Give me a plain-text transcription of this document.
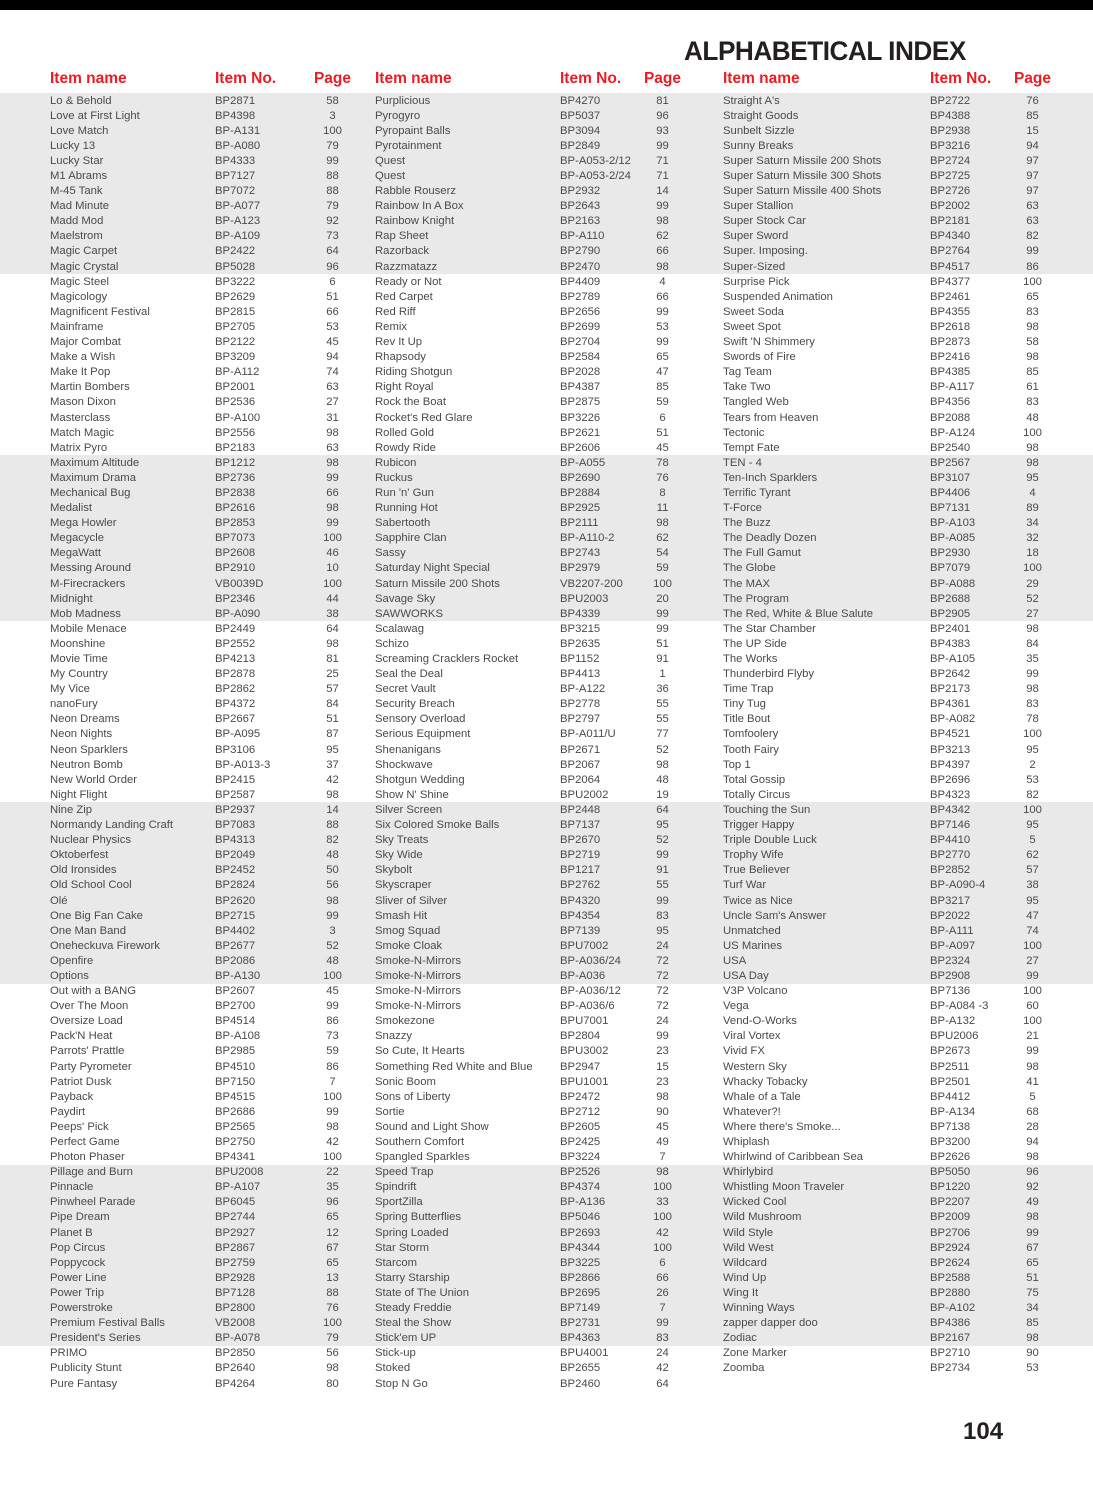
ALPHABETICAL INDEX
Item name	Item No.	Page Item name	Item No.	Page	Item name	Item No.	Page
Lo & Behold	BP2871	58	Purplicious	BP4270	81	Straight A's	BP2722	76
Love at First Light	BP4398	3	Pyrogyro	BP5037	96	Straight Goods	BP4388	85
Love Match	BP-A131	100	Pyropaint Balls	BP3094	93	Sunbelt Sizzle	BP2938	15
Lucky 13	BP-A080	79	Pyrotainment	BP2849	99	Sunny Breaks	BP3216	94
Lucky Star	BP4333	99	Quest	BP-A053-2/12	71	Super Saturn Missile 200 Shots	BP2724	97
M1 Abrams	BP7127	88	Quest	BP-A053-2/24	71	Super Saturn Missile 300 Shots	BP2725	97
M-45 Tank	BP7072	88	Rabble Rouserz	BP2932	14	Super Saturn Missile 400 Shots	BP2726	97
Mad Minute	BP-A077	79	Rainbow In A Box	BP2643	99	Super Stallion	BP2002	63
Madd Mod	BP-A123	92	Rainbow Knight	BP2163	98	Super Stock Car	BP2181	63
Maelstrom	BP-A109	73	Rap Sheet	BP-A110	62	Super Sword	BP4340	82
Magic Carpet	BP2422	64	Razorback	BP2790	66	Super. Imposing.	BP2764	99
Magic Crystal	BP5028	96	Razzmatazz	BP2470	98	Super-Sized	BP4517	86
Magic Steel	BP3222	6	Ready or Not	BP4409	4	Surprise Pick	BP4377	100
Magicology	BP2629	51	Red Carpet	BP2789	66	Suspended Animation	BP2461	65
Magnificent Festival	BP2815	66	Red Riff	BP2656	99	Sweet Soda	BP4355	83
Mainframe	BP2705	53	Remix	BP2699	53	Sweet Spot	BP2618	98
Major Combat	BP2122	45	Rev It Up	BP2704	99	Swift 'N Shimmery	BP2873	58
Make a Wish	BP3209	94	Rhapsody	BP2584	65	Swords of Fire	BP2416	98
Make It Pop	BP-A112	74	Riding Shotgun	BP2028	47	Tag Team	BP4385	85
Martin Bombers	BP2001	63	Right Royal	BP4387	85	Take Two	BP-A117	61
Mason Dixon	BP2536	27	Rock the Boat	BP2875	59	Tangled Web	BP4356	83
Masterclass	BP-A100	31	Rocket's Red Glare	BP3226	6	Tears from Heaven	BP2088	48
Match Magic	BP2556	98	Rolled Gold	BP2621	51	Tectonic	BP-A124	100
Matrix Pyro	BP2183	63	Rowdy Ride	BP2606	45	Tempt Fate	BP2540	98
Maximum Altitude	BP1212	98	Rubicon	BP-A055	78	TEN - 4	BP2567	98
Maximum Drama	BP2736	99	Ruckus	BP2690	76	Ten-Inch Sparklers	BP3107	95
Mechanical Bug	BP2838	66	Run 'n' Gun	BP2884	8	Terrific Tyrant	BP4406	4
Medalist	BP2616	98	Running Hot	BP2925	11	T-Force	BP7131	89
Mega Howler	BP2853	99	Sabertooth	BP2111	98	The Buzz	BP-A103	34
Megacycle	BP7073	100	Sapphire Clan	BP-A110-2	62	The Deadly Dozen	BP-A085	32
MegaWatt	BP2608	46	Sassy	BP2743	54	The Full Gamut	BP2930	18
Messing Around	BP2910	10	Saturday Night Special	BP2979	59	The Globe	BP7079	100
M-Firecrackers	VB0039D	100	Saturn Missile 200 Shots	VB2207-200	100	The MAX	BP-A088	29
Midnight	BP2346	44	Savage Sky	BPU2003	20	The Program	BP2688	52
Mob Madness	BP-A090	38	SAWWORKS	BP4339	99	The Red, White & Blue Salute	BP2905	27
Mobile Menace	BP2449	64	Scalawag	BP3215	99	The Star Chamber	BP2401	98
Moonshine	BP2552	98	Schizo	BP2635	51	The UP Side	BP4383	84
Movie Time	BP4213	81	Screaming Cracklers Rocket	BP1152	91	The Works	BP-A105	35
My Country	BP2878	25	Seal the Deal	BP4413	1	Thunderbird Flyby	BP2642	99
My Vice	BP2862	57	Secret Vault	BP-A122	36	Time Trap	BP2173	98
nanoFury	BP4372	84	Security Breach	BP2778	55	Tiny Tug	BP4361	83
Neon Dreams	BP2667	51	Sensory Overload	BP2797	55	Title Bout	BP-A082	78
Neon Nights	BP-A095	87	Serious Equipment	BP-A011/U	77	Tomfoolery	BP4521	100
Neon Sparklers	BP3106	95	Shenanigans	BP2671	52	Tooth Fairy	BP3213	95
Neutron Bomb	BP-A013-3	37	Shockwave	BP2067	98	Top 1	BP4397	2
New World Order	BP2415	42	Shotgun Wedding	BP2064	48	Total Gossip	BP2696	53
Night Flight	BP2587	98	Show N' Shine	BPU2002	19	Totally Circus	BP4323	82
Nine Zip	BP2937	14	Silver Screen	BP2448	64	Touching the Sun	BP4342	100
Normandy Landing Craft	BP7083	88	Six Colored Smoke Balls	BP7137	95	Trigger Happy	BP7146	95
Nuclear Physics	BP4313	82	Sky Treats	BP2670	52	Triple Double Luck	BP4410	5
Oktoberfest	BP2049	48	Sky Wide	BP2719	99	Trophy Wife	BP2770	62
Old Ironsides	BP2452	50	Skybolt	BP1217	91	True Believer	BP2852	57
Old School Cool	BP2824	56	Skyscraper	BP2762	55	Turf War	BP-A090-4	38
Olé	BP2620	98	Sliver of Silver	BP4320	99	Twice as Nice	BP3217	95
One Big Fan Cake	BP2715	99	Smash Hit	BP4354	83	Uncle Sam's Answer	BP2022	47
One Man Band	BP4402	3	Smog Squad	BP7139	95	Unmatched	BP-A111	74
Oneheckuva Firework	BP2677	52	Smoke Cloak	BPU7002	24	US Marines	BP-A097	100
Openfire	BP2086	48	Smoke-N-Mirrors	BP-A036/24	72	USA	BP2324	27
Options	BP-A130	100	Smoke-N-Mirrors	BP-A036	72	USA Day	BP2908	99
Out with a BANG	BP2607	45	Smoke-N-Mirrors	BP-A036/12	72	V3P Volcano	BP7136	100
Over The Moon	BP2700	99	Smoke-N-Mirrors	BP-A036/6	72	Vega	BP-A084 -3	60
Oversize Load	BP4514	86	Smokezone	BPU7001	24	Vend-O-Works	BP-A132	100
Pack'N Heat	BP-A108	73	Snazzy	BP2804	99	Viral Vortex	BPU2006	21
Parrots' Prattle	BP2985	59	So Cute, It Hearts	BPU3002	23	Vivid FX	BP2673	99
Party Pyrometer	BP4510	86	Something Red White and Blue	BP2947	15	Western Sky	BP2511	98
Patriot Dusk	BP7150	7	Sonic Boom	BPU1001	23	Whacky Tobacky	BP2501	41
Payback	BP4515	100	Sons of Liberty	BP2472	98	Whale of a Tale	BP4412	5
Paydirt	BP2686	99	Sortie	BP2712	90	Whatever?!	BP-A134	68
Peeps' Pick	BP2565	98	Sound and Light Show	BP2605	45	Where there's Smoke...	BP7138	28
Perfect Game	BP2750	42	Southern Comfort	BP2425	49	Whiplash	BP3200	94
Photon Phaser	BP4341	100	Spangled Sparkles	BP3224	7	Whirlwind of Caribbean Sea	BP2626	98
Pillage and Burn	BPU2008	22	Speed Trap	BP2526	98	Whirlybird	BP5050	96
Pinnacle	BP-A107	35	Spindrift	BP4374	100	Whistling Moon Traveler	BP1220	92
Pinwheel Parade	BP6045	96	SportZilla	BP-A136	33	Wicked Cool	BP2207	49
Pipe Dream	BP2744	65	Spring Butterflies	BP5046	100	Wild Mushroom	BP2009	98
Planet B	BP2927	12	Spring Loaded	BP2693	42	Wild Style	BP2706	99
Pop Circus	BP2867	67	Star Storm	BP4344	100	Wild West	BP2924	67
Poppycock	BP2759	65	Starcom	BP3225	6	Wildcard	BP2624	65
Power Line	BP2928	13	Starry Starship	BP2866	66	Wind Up	BP2588	51
Power Trip	BP7128	88	State of The Union	BP2695	26	Wing It	BP2880	75
Powerstroke	BP2800	76	Steady Freddie	BP7149	7	Winning Ways	BP-A102	34
Premium Festival Balls	VB2008	100	Steal the Show	BP2731	99	zapper dapper doo	BP4386	85
President's Series	BP-A078	79	Stick'em UP	BP4363	83	Zodiac	BP2167	98
PRIMO	BP2850	56	Stick-up	BPU4001	24	Zone Marker	BP2710	90
Publicity Stunt	BP2640	98	Stoked	BP2655	42	Zoomba	BP2734	53
Pure Fantasy	BP4264	80	Stop N Go	BP2460	64
104
